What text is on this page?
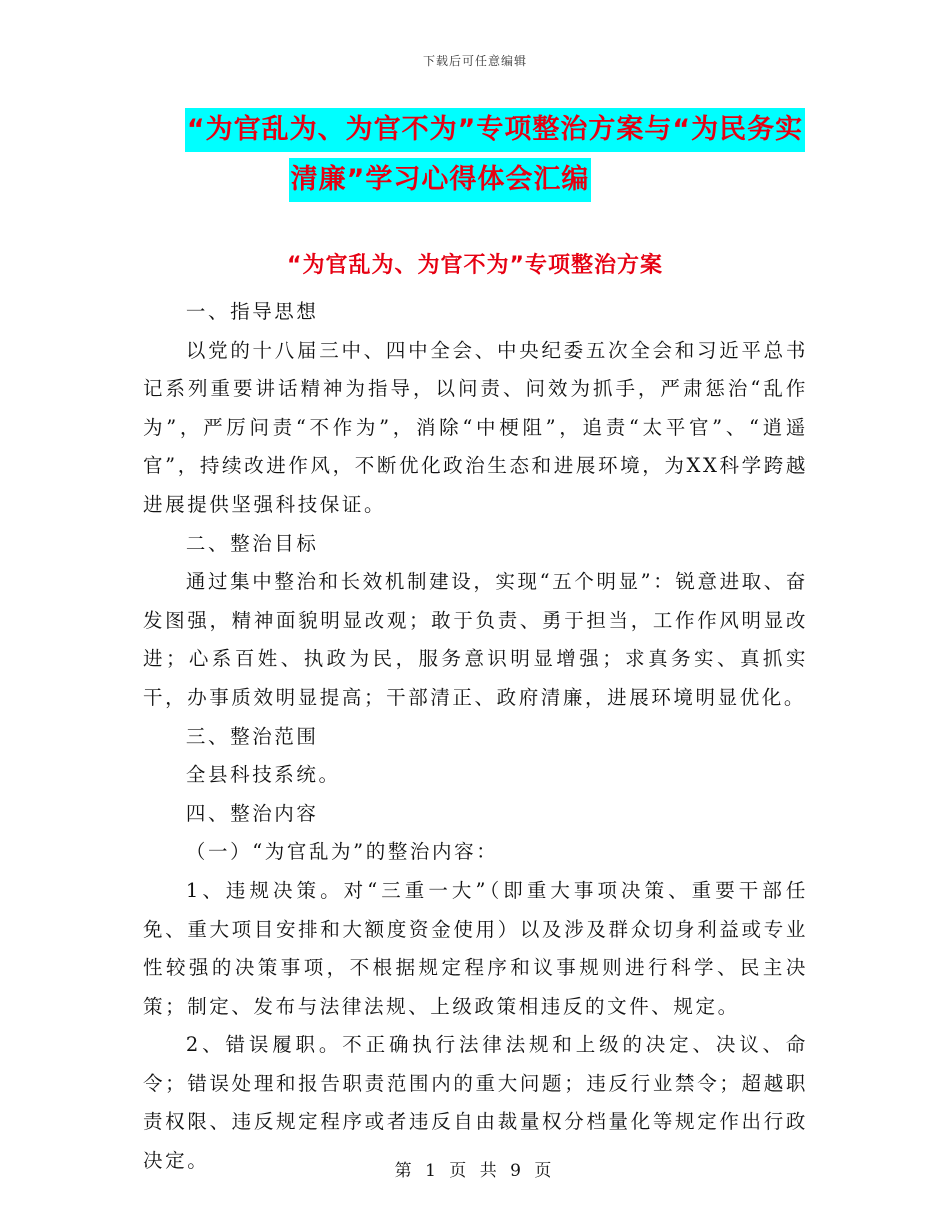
下载后可任意编辑
“为官乱为、为官不为”专项整治方案与“为民务实
清廉”学习心得体会汇编
“为官乱为、为官不为”专项整治方案

一、指导思想

以党的十八届三中、四中全会、中央纪委五次全会和习近平总书记系列重要讲话精神为指导，以问责、问效为抓手，严肃惩治“乱作为”，严厉问责“不作为”，消除“中梗阻”，追责“太平官”、“逍遥官”，持续改进作风，不断优化政治生态和进展环境，为XX科学跨越进展提供坚强科技保证。

二、整治目标

通过集中整治和长效机制建设，实现“五个明显”：锐意进取、奋发图强，精神面貌明显改观；敢于负责、勇于担当，工作作风明显改进；心系百姓、执政为民，服务意识明显增强；求真务实、真抓实干，办事质效明显提高；干部清正、政府清廉，进展环境明显优化。

三、整治范围

全县科技系统。

四、整治内容

（一）“为官乱为”的整治内容：

1、违规决策。对“三重一大”（即重大事项决策、重要干部任免、重大项目安排和大额度资金使用）以及涉及群众切身利益或专业性较强的决策事项，不根据规定程序和议事规则进行科学、民主决策；制定、发布与法律法规、上级政策相违反的文件、规定。

2、错误履职。不正确执行法律法规和上级的决定、决议、命令；错误处理和报告职责范围内的重大问题；违反行业禁令；超越职责权限、违反规定程序或者违反自由裁量权分档量化等规定作出行政决定。	第 1 页 共 9 页
